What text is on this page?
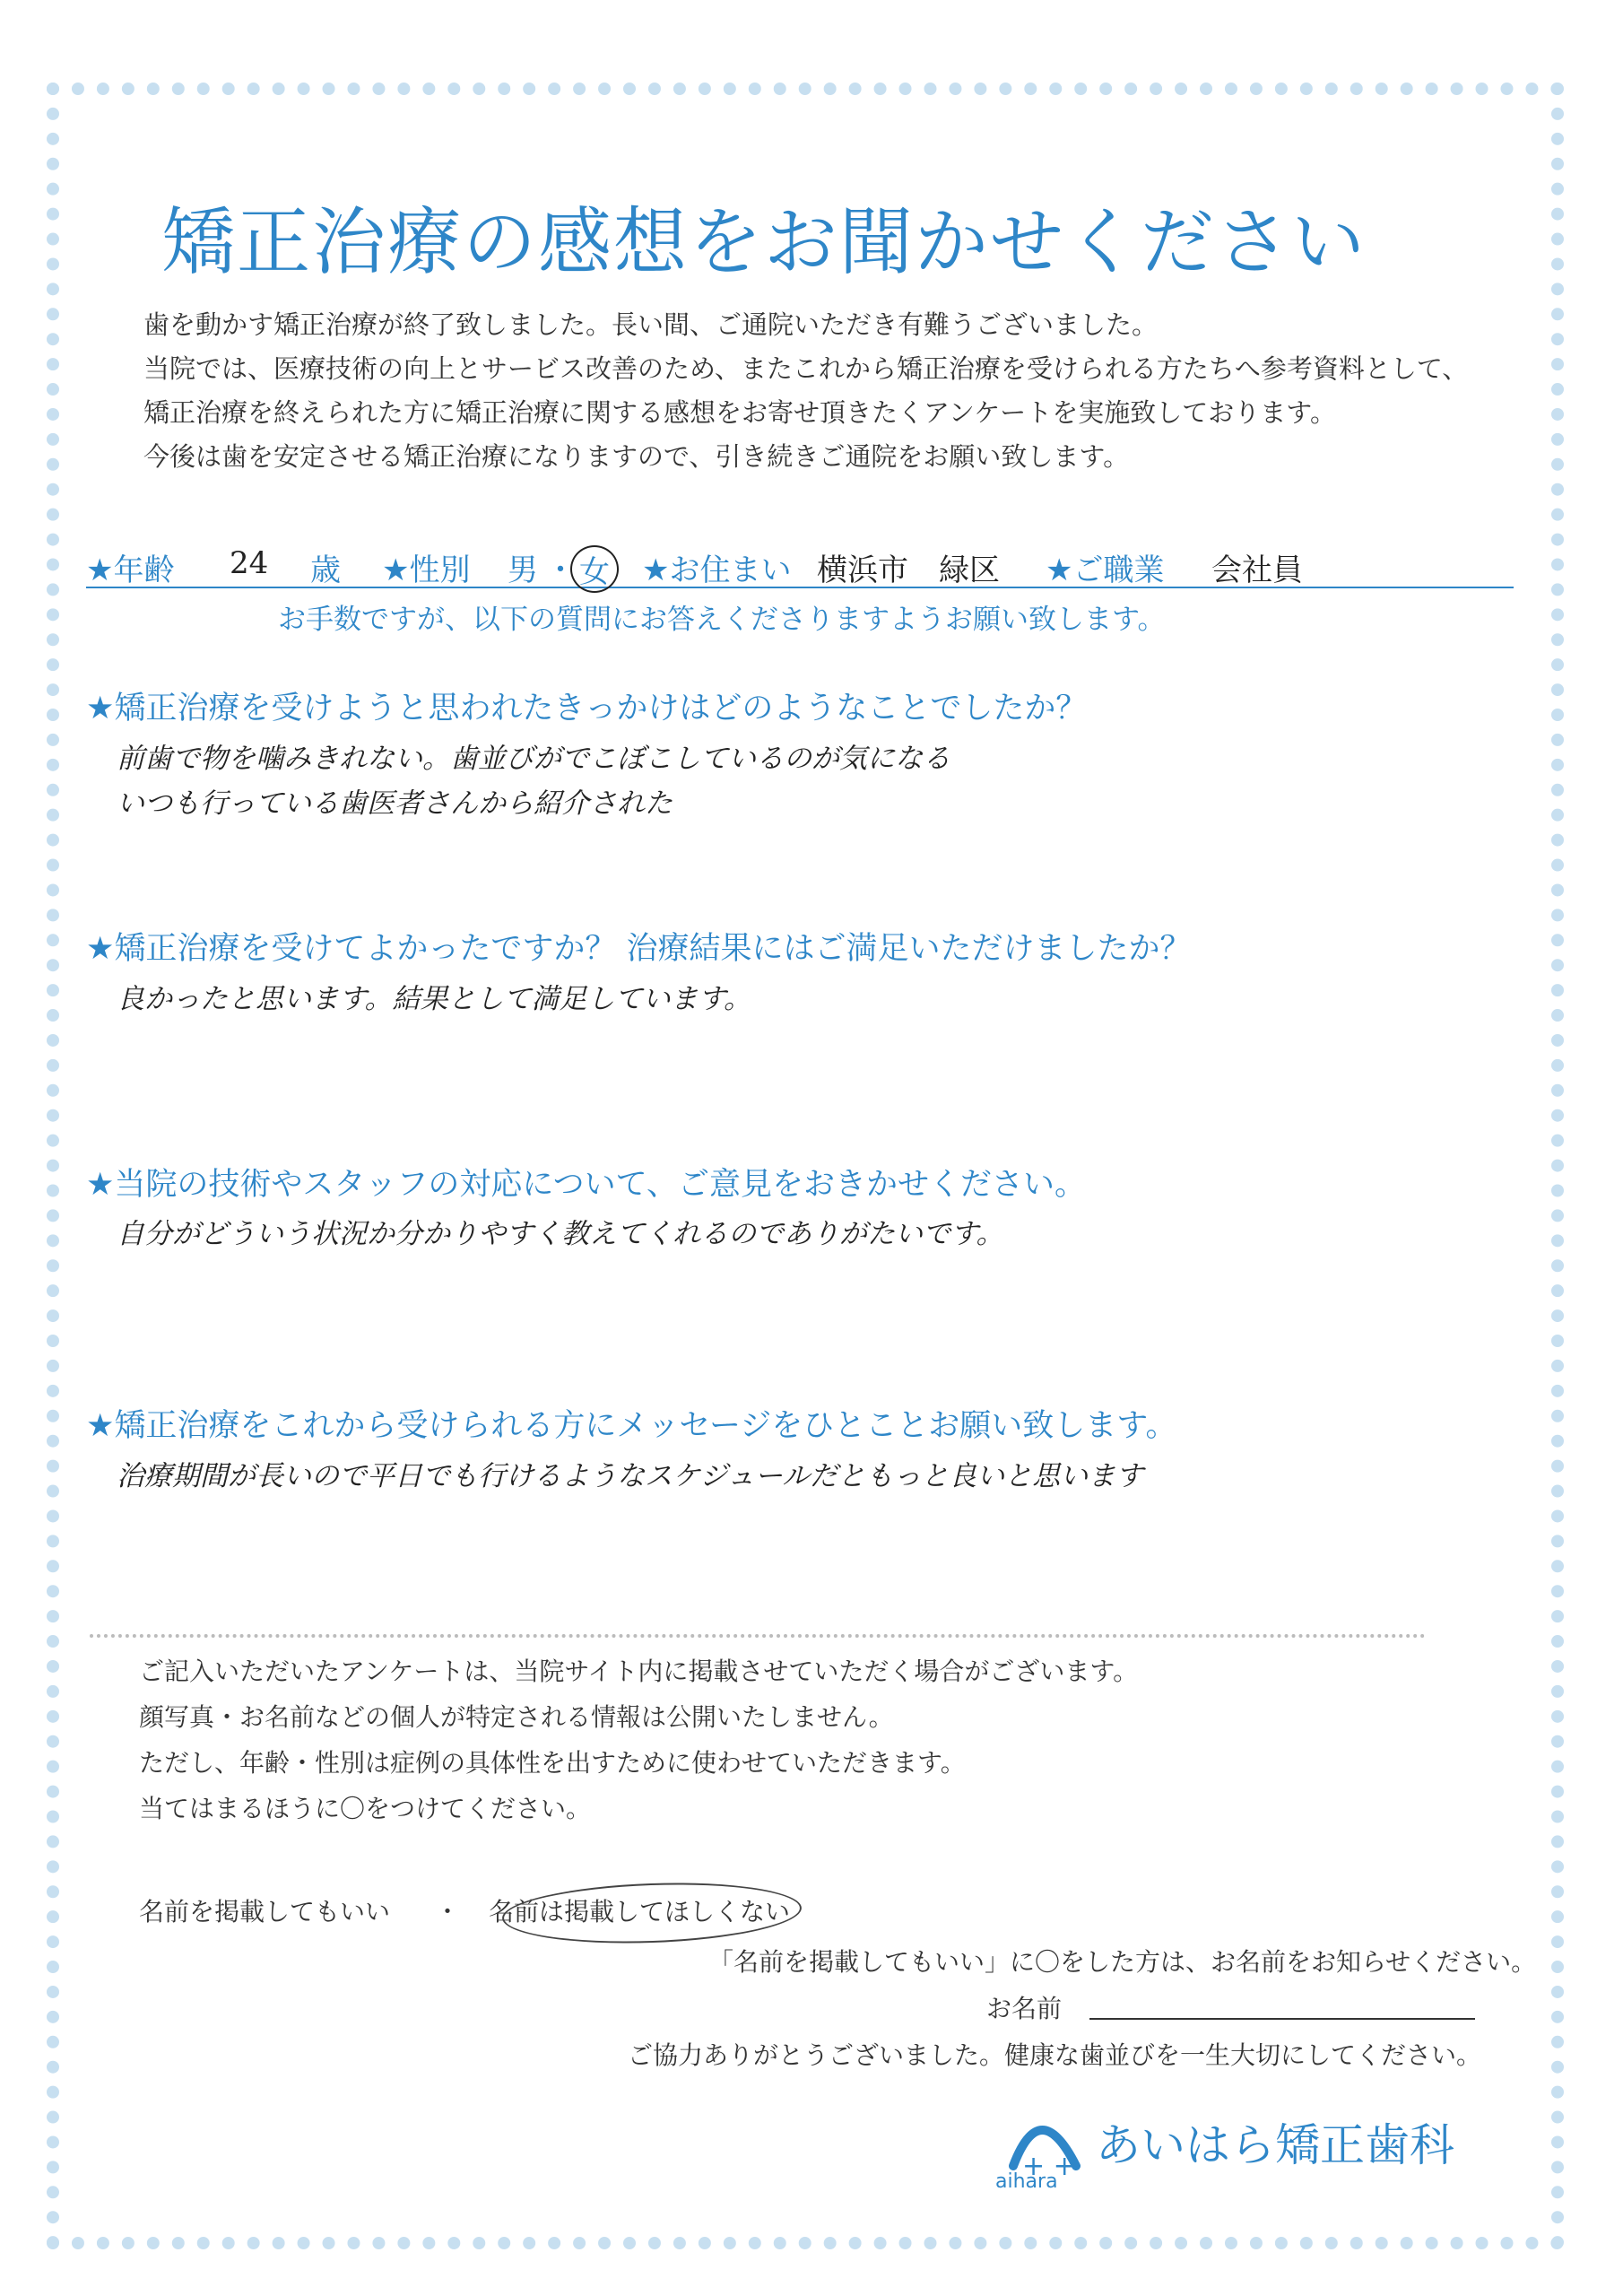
矯正治療の感想をお聞かせください
歯を動かす矯正治療が終了致しました。長い間、ご通院いただき有難うございました。
当院では、医療技術の向上とサービス改善のため、またこれから矯正治療を受けられる方たちへ参考資料として、
矯正治療を終えられた方に矯正治療に関する感想をお寄せ頂きたくアンケートを実施致しております。
今後は歯を安定させる矯正治療になりますので、引き続きご通院をお願い致します。
★年齢 24 歳 ★性別 男 ・ 女 ★お住まい 横浜市　緑区 ★ご職業 会社員
お手数ですが、以下の質問にお答えくださりますようお願い致します。
★矯正治療を受けようと思われたきっかけはどのようなことでしたか？
前歯で物を噛みきれない。歯並びがでこぼこしているのが気になる
いつも行っている歯医者さんから紹介された
★矯正治療を受けてよかったですか？ 治療結果にはご満足いただけましたか？
良かったと思います。結果として満足しています。
★当院の技術やスタッフの対応について、ご意見をおきかせください。
自分がどういう状況か分かりやすく教えてくれるのでありがたいです。
★矯正治療をこれから受けられる方にメッセージをひとことお願い致します。
治療期間が長いので平日でも行けるようなスケジュールだともっと良いと思います
ご記入いただいたアンケートは、当院サイト内に掲載させていただく場合がございます。
顔写真・お名前などの個人が特定される情報は公開いたしません。
ただし、年齢・性別は症例の具体性を出すために使わせていただきます。
当てはまるほうに〇をつけてください。
名前を掲載してもいい ・ 名前は掲載してほしくない
「名前を掲載してもいい」に〇をした方は、お名前をお知らせください。
お名前
ご協力ありがとうございました。健康な歯並びを一生大切にしてください。
+ +
aihara
あいはら矯正歯科
